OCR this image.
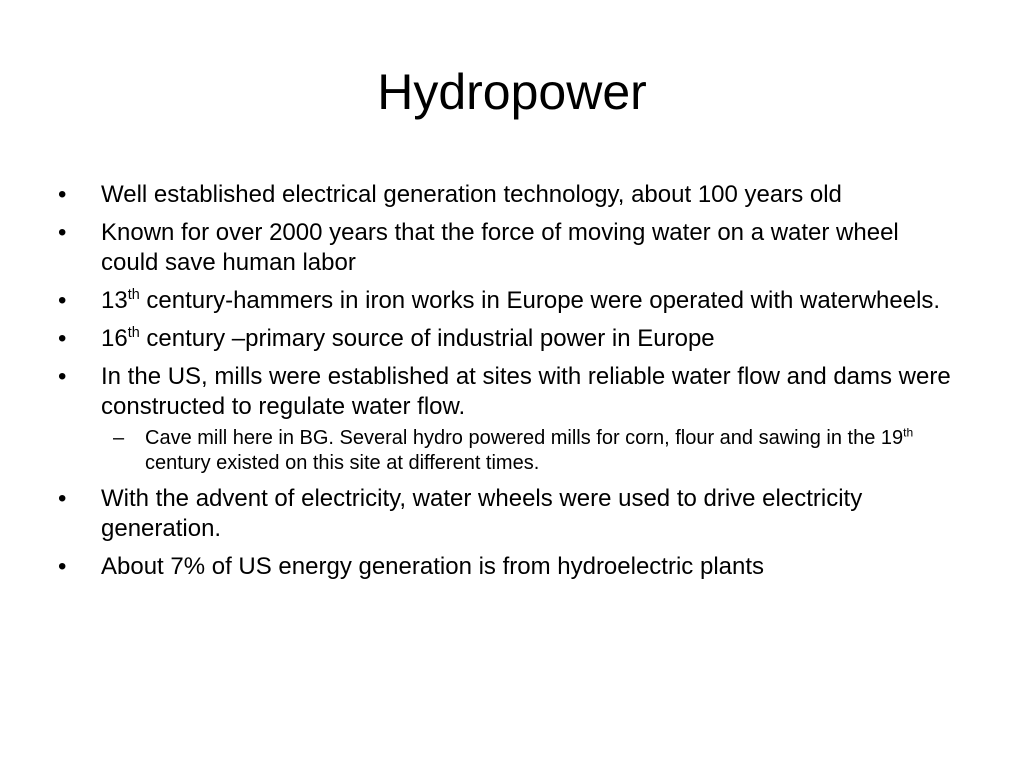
Hydropower
•	Well established electrical generation technology, about 100 years old
•	Known for over 2000 years that the force of moving water on a water wheel could save human labor
•	13th century-hammers in iron works in Europe were operated with waterwheels.
•	16th century –primary source of industrial power in Europe
•	In the US, mills were established at sites with reliable water flow and dams were constructed to regulate water flow.
–	Cave mill here in BG. Several hydro powered mills for corn, flour and sawing in the 19th century existed on this site at different times.
•	With the advent of electricity, water wheels were used to drive electricity generation.
•	About 7% of US energy generation is from hydroelectric plants
